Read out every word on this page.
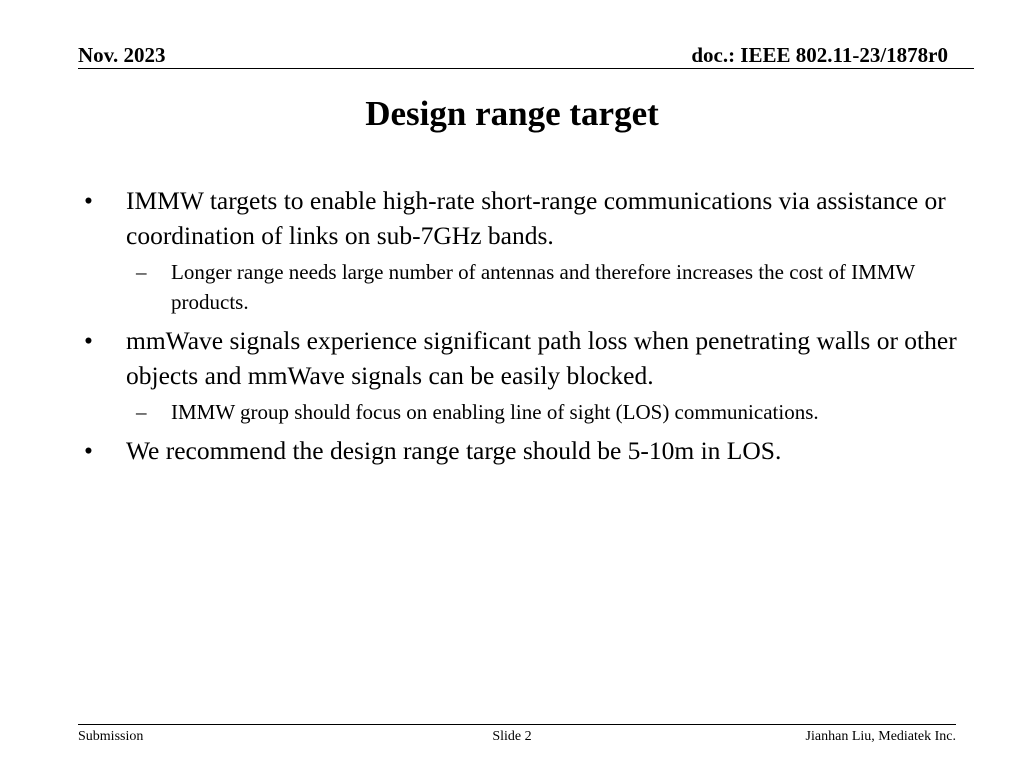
Nov. 2023	doc.: IEEE 802.11-23/1878r0
Design range target
• IMMW targets to enable high-rate short-range communications via assistance or coordination of links on sub-7GHz bands.
– Longer range needs large number of antennas and therefore increases the cost of IMMW products.
• mmWave signals experience significant path loss when penetrating walls or other objects and mmWave signals can be easily blocked.
– IMMW group should focus on enabling line of sight (LOS) communications.
• We recommend the design range targe should be 5-10m in LOS.
Submission	Slide 2	Jianhan Liu, Mediatek Inc.
